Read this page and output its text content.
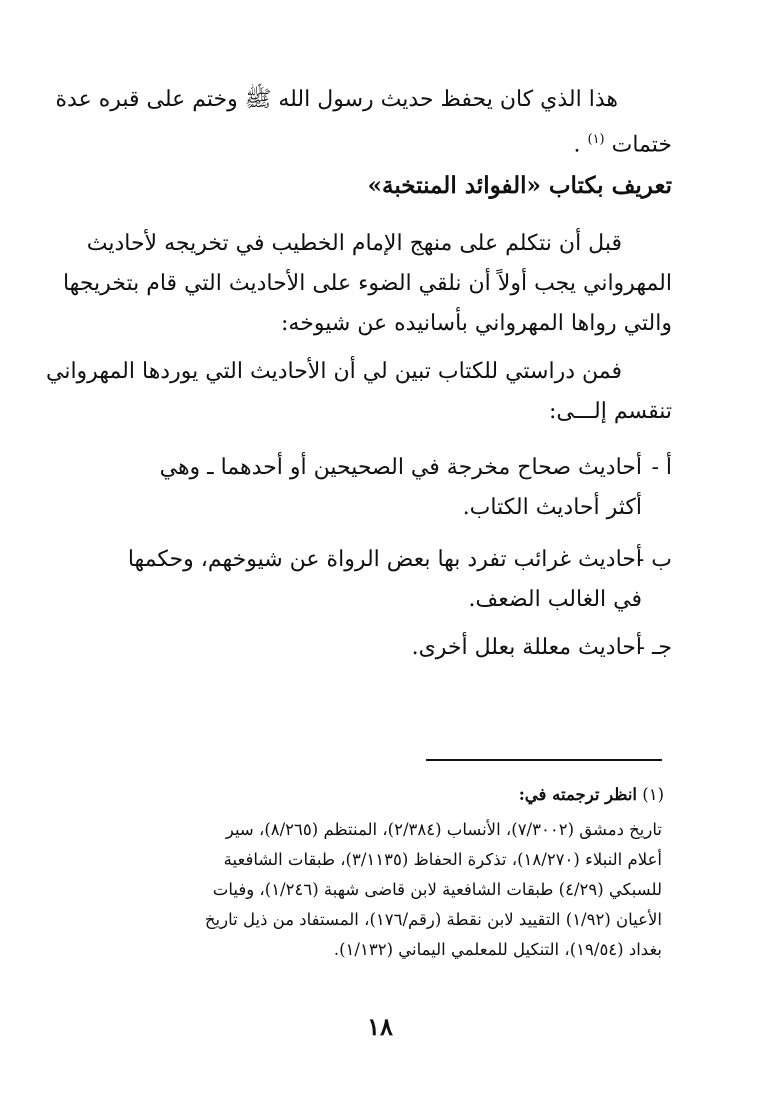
هذا الذي كان يحفظ حديث رسول الله ﷺ وختم على قبره عدة
ختمات $^{(١)}$ .
تعريف بكتاب «الفوائد المنتخبة»
قبل أن نتكلم على منهج الإمام الخطيب في تخريجه لأحاديث
المهرواني يجب أولاً أن نلقي الضوء على الأحاديث التي قام بتخريجها
والتي رواها المهرواني بأسانيده عن شيوخه:
فمن دراستي للكتاب تبين لي أن الأحاديث التي يوردها المهرواني
تنقسم إلـــى:
أ -
أحاديث صحاح مخرجة في الصحيحين أو أحدهما ـ وهي
أكثر أحاديث الكتاب.
ب -
أحاديث غرائب تفرد بها بعض الرواة عن شيوخهم، وحكمها
في الغالب الضعف.
جـ -
أحاديث معللة بعلل أخرى.
(١) انظر ترجمته في:
تاريخ دمشق (٧/٣٠٠٢)، الأنساب (٢/٣٨٤)، المنتظم (٨/٢٦٥)، سير
أعلام النبلاء (١٨/٢٧٠)، تذكرة الحفاظ (٣/١١٣٥)، طبقات الشافعية
للسبكي (٤/٢٩) طبقات الشافعية لابن قاضى شهبة (١/٢٤٦)، وفيات
الأعيان (١/٩٢) التقييد لابن نقطة (رقم/١٧٦)، المستفاد من ذيل تاريخ
بغداد (١٩/٥٤)، التنكيل للمعلمي اليماني (١/١٣٢).
١٨
